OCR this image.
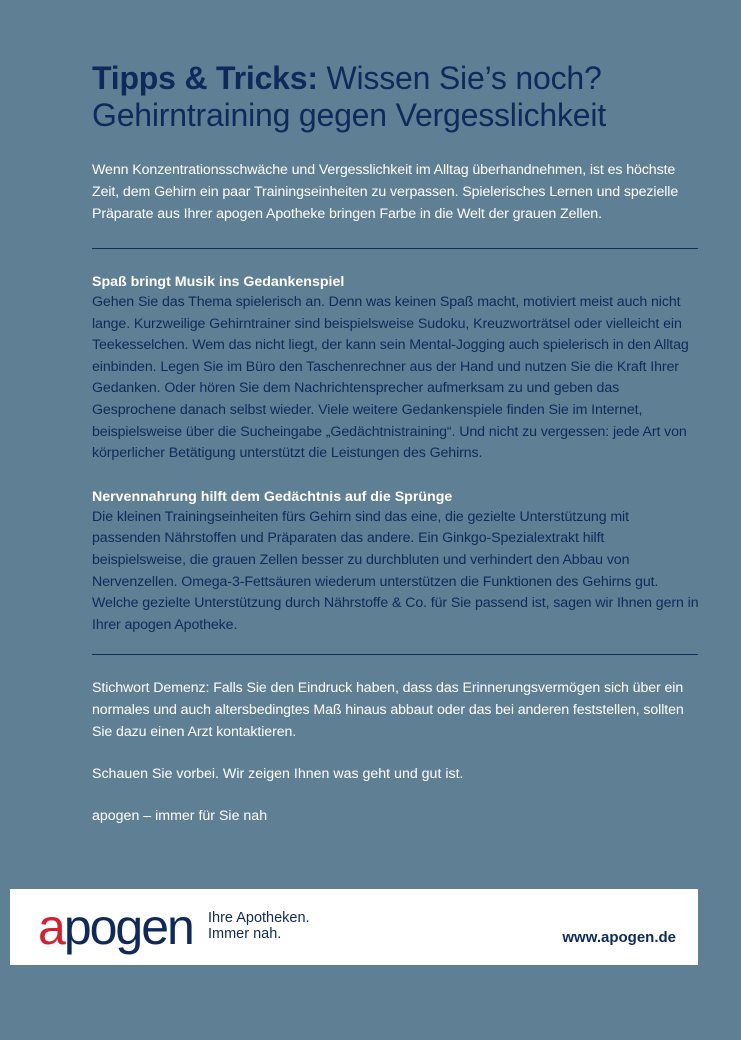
Tipps & Tricks: Wissen Sie’s noch?
Gehirntraining gegen Vergesslichkeit

Wenn Konzentrationsschwäche und Vergesslichkeit im Alltag überhandnehmen, ist es höchste Zeit, dem Gehirn ein paar Trainingseinheiten zu verpassen. Spielerisches Lernen und spezielle Präparate aus Ihrer apogen Apotheke bringen Farbe in die Welt der grauen Zellen.

Spaß bringt Musik ins Gedankenspiel

Gehen Sie das Thema spielerisch an. Denn was keinen Spaß macht, motiviert meist auch nicht lange. Kurzweilige Gehirntrainer sind beispielsweise Sudoku, Kreuzworträtsel oder vielleicht ein Teekesselchen. Wem das nicht liegt, der kann sein Mental-Jogging auch spielerisch in den Alltag einbinden. Legen Sie im Büro den Taschenrechner aus der Hand und nutzen Sie die Kraft Ihrer Gedanken. Oder hören Sie dem Nachrichtensprecher aufmerksam zu und geben das Gesprochene danach selbst wieder. Viele weitere Gedankenspiele finden Sie im Internet, beispielsweise über die Sucheingabe „Gedächtnistraining“. Und nicht zu vergessen: jede Art von körperlicher Betätigung unterstützt die Leistungen des Gehirns.

Nervennahrung hilft dem Gedächtnis auf die Sprünge

Die kleinen Trainingseinheiten fürs Gehirn sind das eine, die gezielte Unterstützung mit passenden Nährstoffen und Präparaten das andere. Ein Ginkgo-Spezialextrakt hilft beispielsweise, die grauen Zellen besser zu durchbluten und verhindert den Abbau von Nervenzellen. Omega-3-Fettsäuren wiederum unterstützen die Funktionen des Gehirns gut. Welche gezielte Unterstützung durch Nährstoffe & Co. für Sie passend ist, sagen wir Ihnen gern in Ihrer apogen Apotheke.

Stichwort Demenz: Falls Sie den Eindruck haben, dass das Erinnerungsvermögen sich über ein normales und auch altersbedingtes Maß hinaus abbaut oder das bei anderen feststellen, sollten Sie dazu einen Arzt kontaktieren.

Schauen Sie vorbei. Wir zeigen Ihnen was geht und gut ist.

apogen – immer für Sie nah

apogen Ihre Apotheken.
Immer nah.	www.apogen.de
